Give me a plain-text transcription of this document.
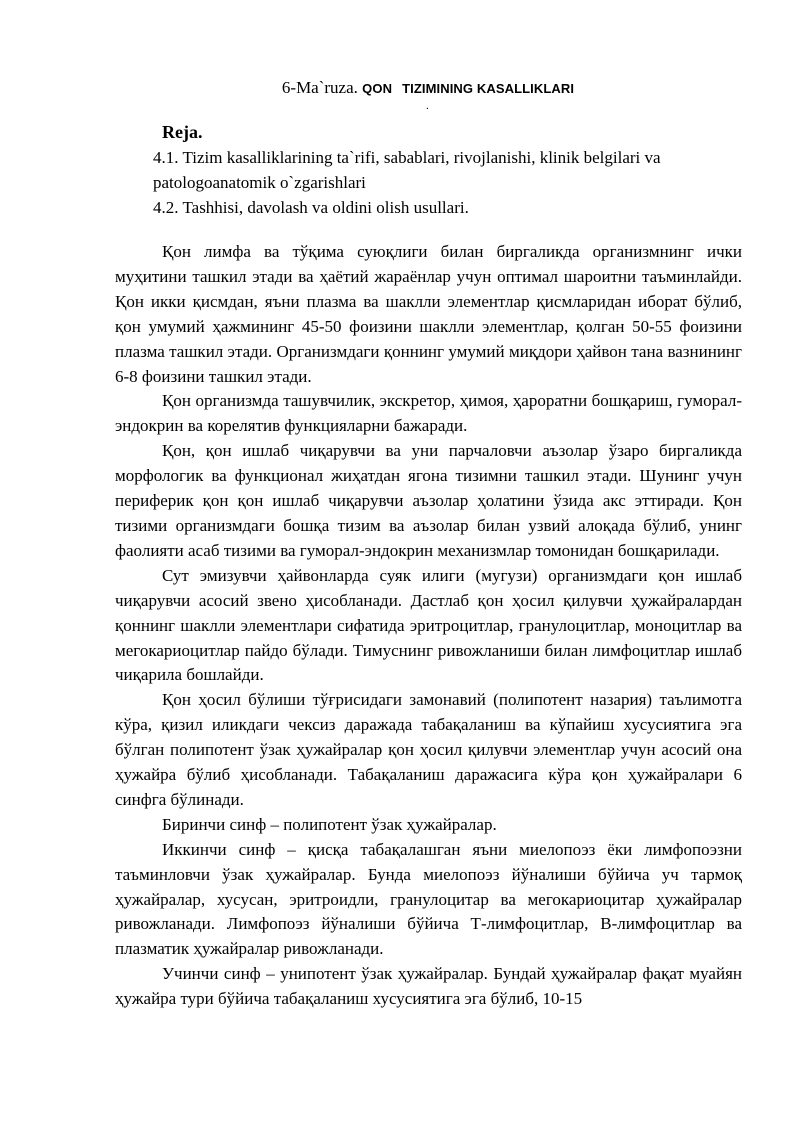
6-Ma`ruza. QON TIZIMINING KASALLIKLARI
.
Reja.
4.1. Tizim kasalliklarining ta`rifi, sabablari, rivojlanishi, klinik belgilari va patologoanatomik o`zgarishlari
4.2. Tashhisi, davolash va oldini olish usullari.

Қон лимфа ва тўқима суюқлиги билан биргаликда организмнинг ички муҳитини ташкил этади ва ҳаётий жараёнлар учун оптимал шароитни таъминлайди. Қон икки қисмдан, яъни плазма ва шаклли элементлар қисмларидан иборат бўлиб, қон умумий ҳажмининг 45-50 фоизини шаклли элементлар, қолган 50-55 фоизини плазма ташкил этади. Организмдаги қоннинг умумий миқдори ҳайвон тана вазнининг 6-8 фоизини ташкил этади.

Қон организмда ташувчилик, экскретор, ҳимоя, ҳароратни бошқариш, гуморал-эндокрин ва корелятив функцияларни бажаради.

Қон, қон ишлаб чиқарувчи ва уни парчаловчи аъзолар ўзаро биргаликда морфологик ва функционал жиҳатдан ягона тизимни ташкил этади. Шунинг учун периферик қон қон ишлаб чиқарувчи аъзолар ҳолатини ўзида акс эттиради. Қон тизими организмдаги бошқа тизим ва аъзолар билан узвий алоқада бўлиб, унинг фаолияти асаб тизими ва гуморал-эндокрин механизмлар томонидан бошқарилади.

Сут эмизувчи ҳайвонларда суяк илиги (мугузи) организмдаги қон ишлаб чиқарувчи асосий звено ҳисобланади. Дастлаб қон ҳосил қилувчи ҳужайралардан қоннинг шаклли элементлари сифатида эритроцитлар, гранулоцитлар, моноцитлар ва мегокариоцитлар пайдо бўлади. Тимуснинг ривожланиши билан лимфоцитлар ишлаб чиқарила бошлайди.

Қон ҳосил бўлиши тўғрисидаги замонавий (полипотент назария) таълимотга кўра, қизил иликдаги чексиз даражада табақаланиш ва кўпайиш хусусиятига эга бўлган полипотент ўзак ҳужайралар қон ҳосил қилувчи элементлар учун асосий она ҳужайра бўлиб ҳисобланади. Табақаланиш даражасига кўра қон ҳужайралари 6 синфга бўлинади.

Биринчи синф – полипотент ўзак ҳужайралар.

Иккинчи синф – қисқа табақалашган яъни миелопоэз ёки лимфопоэзни таъминловчи ўзак ҳужайралар. Бунда миелопоэз йўналиши бўйича уч тармоқ ҳужайралар, хусусан, эритроидли, гранулоцитар ва мегокариоцитар ҳужайралар ривожланади. Лимфопоэз йўналиши бўйича Т-лимфоцитлар, В-лимфоцитлар ва плазматик ҳужайралар ривожланади.

Учинчи синф – унипотент ўзак ҳужайралар. Бундай ҳужайралар фақат муайян ҳужайра тури бўйича табақаланиш хусусиятига эга бўлиб, 10-15
